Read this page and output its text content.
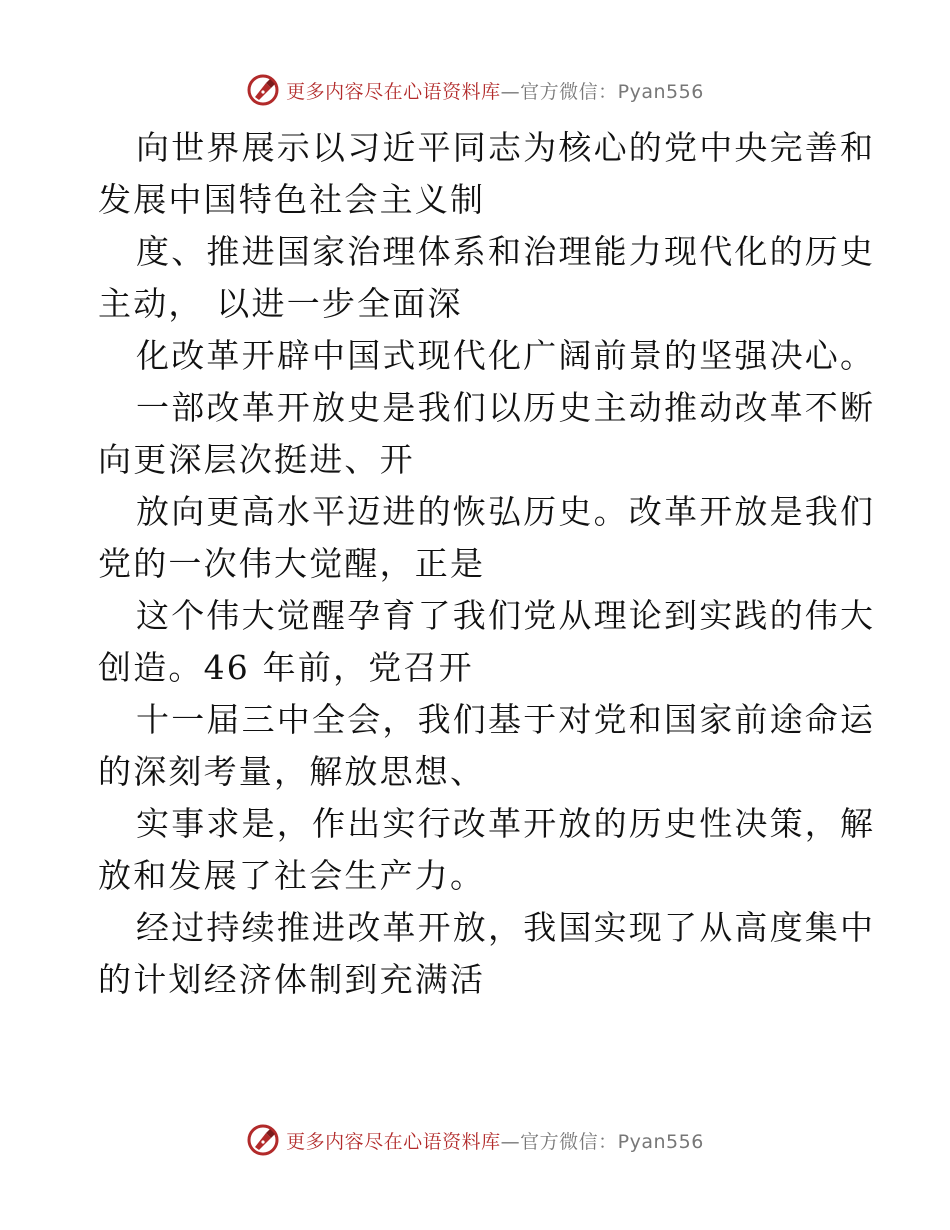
更多内容尽在心语资料库—官方微信：Pyan556
向世界展示以习近平同志为核心的党中央完善和
发展中国特色社会主义制
度、推进国家治理体系和治理能力现代化的历史
主动， 以进一步全面深
化改革开辟中国式现代化广阔前景的坚强决心。
一部改革开放史是我们以历史主动推动改革不断
向更深层次挺进、开
放向更高水平迈进的恢弘历史。改革开放是我们
党的一次伟大觉醒，正是
这个伟大觉醒孕育了我们党从理论到实践的伟大
创造。46 年前，党召开
十一届三中全会，我们基于对党和国家前途命运
的深刻考量，解放思想、
实事求是，作出实行改革开放的历史性决策，解
放和发展了社会生产力。
经过持续推进改革开放，我国实现了从高度集中
的计划经济体制到充满活
更多内容尽在心语资料库—官方微信：Pyan556
